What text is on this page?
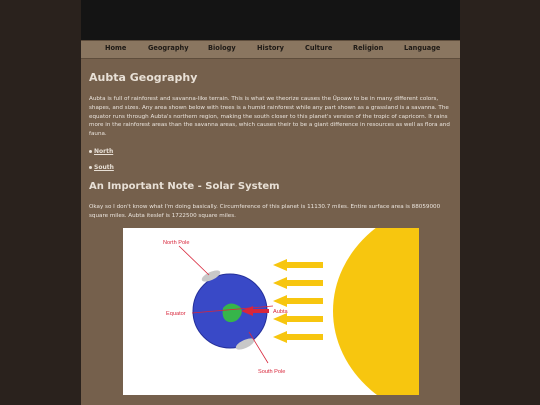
Home	Geography	Biology	History	Culture	Religion	Language
Aubta Geography

Aubta is full of rainforest and savanna-like terrain. This is what we theorize causes the Ûpoaw to be in many different colors, shapes, and sizes. Any area shown below with trees is a humid rainforest while any part shown as a grassland is a savanna. The equator runs through Aubta's northern region, making the south closer to this planet's version of the tropic of capricorn. It rains more in the rainforest areas than the savanna areas, which causes their to be a giant difference in resources as well as flora and fauna.

North
South
An Important Note - Solar System

Okay so I don't know what I'm doing basically. Circumference of this planet is 11130.7 miles. Entire surface area is 88059000 square miles. Aubta iteslef is 1722500 square miles.

North Pole
Equator	Aubta
South Pole
